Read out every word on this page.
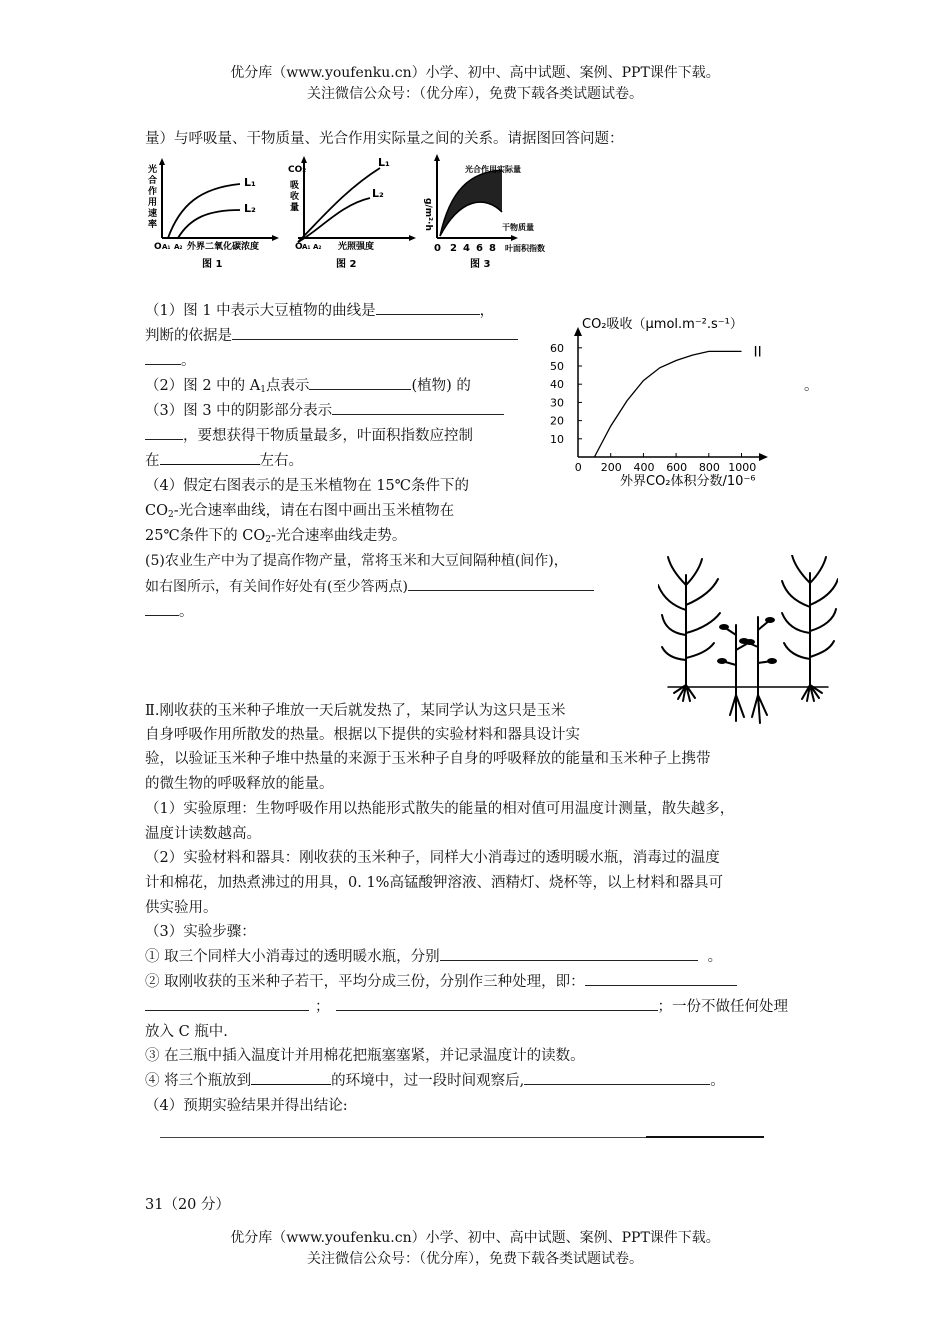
优分库（www.youfenku.cn）小学、初中、高中试题、案例、PPT课件下载。
关注微信公众号：（优分库），免费下载各类试题试卷。
量）与呼吸量、干物质量、光合作用实际量之间的关系。请据图回答问题：
光
合
作
用
速
率
L₁
L₂
O A₁ A₂ 外界二氧化碳浓度
图 1
CO₂
吸
收
量
L₁
L₂
O A₁ A₂ 光照强度
图 2
g/m²·h
光合作用实际量
干物质量
0 2 4 6 8 叶面积指数
图 3
（1）图 1 中表示大豆植物的曲线是	，
判断的依据是
。
（2）图 2 中的 $A_1$点表示	(植物) 的
（3）图 3 中的阴影部分表示
，要想获得干物质量最多，叶面积指数应控制
在	左右。
（4）假定右图表示的是玉米植物在 15℃条件下的
$CO_2-$光合速率曲线，请在右图中画出玉米植物在
25℃条件下的 $CO_2-$光合速率曲线走势。
CO₂吸收（μmol.m⁻².s⁻¹）
60
50
40
30
20
10
0 200 400 600 800 1000
II
外界CO₂体积分数/10⁻⁶
。
(5)农业生产中为了提高作物产量，常将玉米和大豆间隔种植(间作)，
如右图所示，有关间作好处有(至少答两点)
。
Ⅱ.刚收获的玉米种子堆放一天后就发热了，某同学认为这只是玉米
自身呼吸作用所散发的热量。根据以下提供的实验材料和器具设计实
验，以验证玉米种子堆中热量的来源于玉米种子自身的呼吸释放的能量和玉米种子上携带
的微生物的呼吸释放的能量。
（1）实验原理：生物呼吸作用以热能形式散失的能量的相对值可用温度计测量，散失越多，
温度计读数越高。
（2）实验材料和器具：刚收获的玉米种子，同样大小消毒过的透明暖水瓶，消毒过的温度
计和棉花，加热煮沸过的用具，0. 1%高锰酸钾溶液、酒精灯、烧杯等，以上材料和器具可
供实验用。
（3）实验步骤：
① 取三个同样大小消毒过的透明暖水瓶，分别	。
② 取刚收获的玉米种子若干，平均分成三份，分别作三种处理，即：
；	；一份不做任何处理
放入 C 瓶中.
③ 在三瓶中插入温度计并用棉花把瓶塞塞紧，并记录温度计的读数。
④ 将三个瓶放到	的环境中，过一段时间观察后,	。
（4）预期实验结果并得出结论:
31（20 分）
优分库（www.youfenku.cn）小学、初中、高中试题、案例、PPT课件下载。
关注微信公众号：（优分库），免费下载各类试题试卷。
